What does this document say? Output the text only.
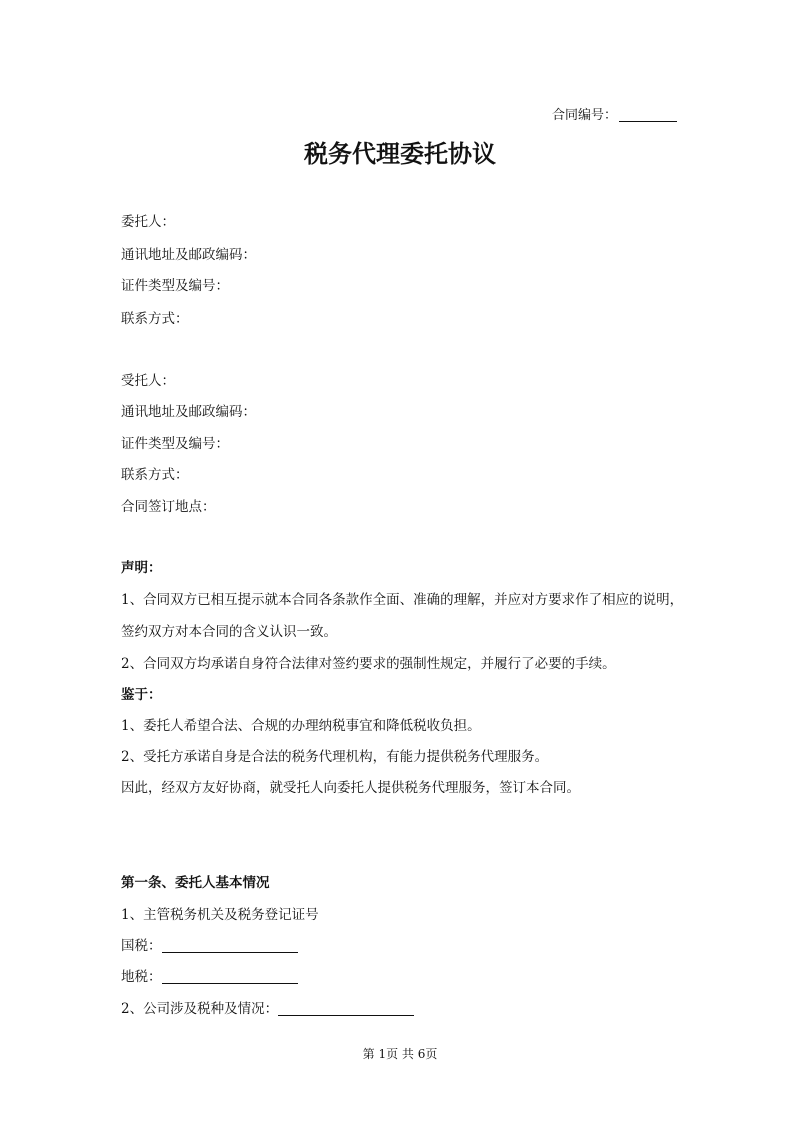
合同编号：
税务代理委托协议
委托人：
通讯地址及邮政编码：
证件类型及编号：
联系方式：
受托人：
通讯地址及邮政编码：
证件类型及编号：
联系方式：
合同签订地点：
声明：
1、合同双方已相互提示就本合同各条款作全面、准确的理解，并应对方要求作了相应的说明，
签约双方对本合同的含义认识一致。
2、合同双方均承诺自身符合法律对签约要求的强制性规定，并履行了必要的手续。
鉴于：
1、委托人希望合法、合规的办理纳税事宜和降低税收负担。
2、受托方承诺自身是合法的税务代理机构，有能力提供税务代理服务。
因此，经双方友好协商，就受托人向委托人提供税务代理服务，签订本合同。
第一条、委托人基本情况
1、主管税务机关及税务登记证号
国税：
地税：
2、公司涉及税种及情况：
第 1页 共 6页
